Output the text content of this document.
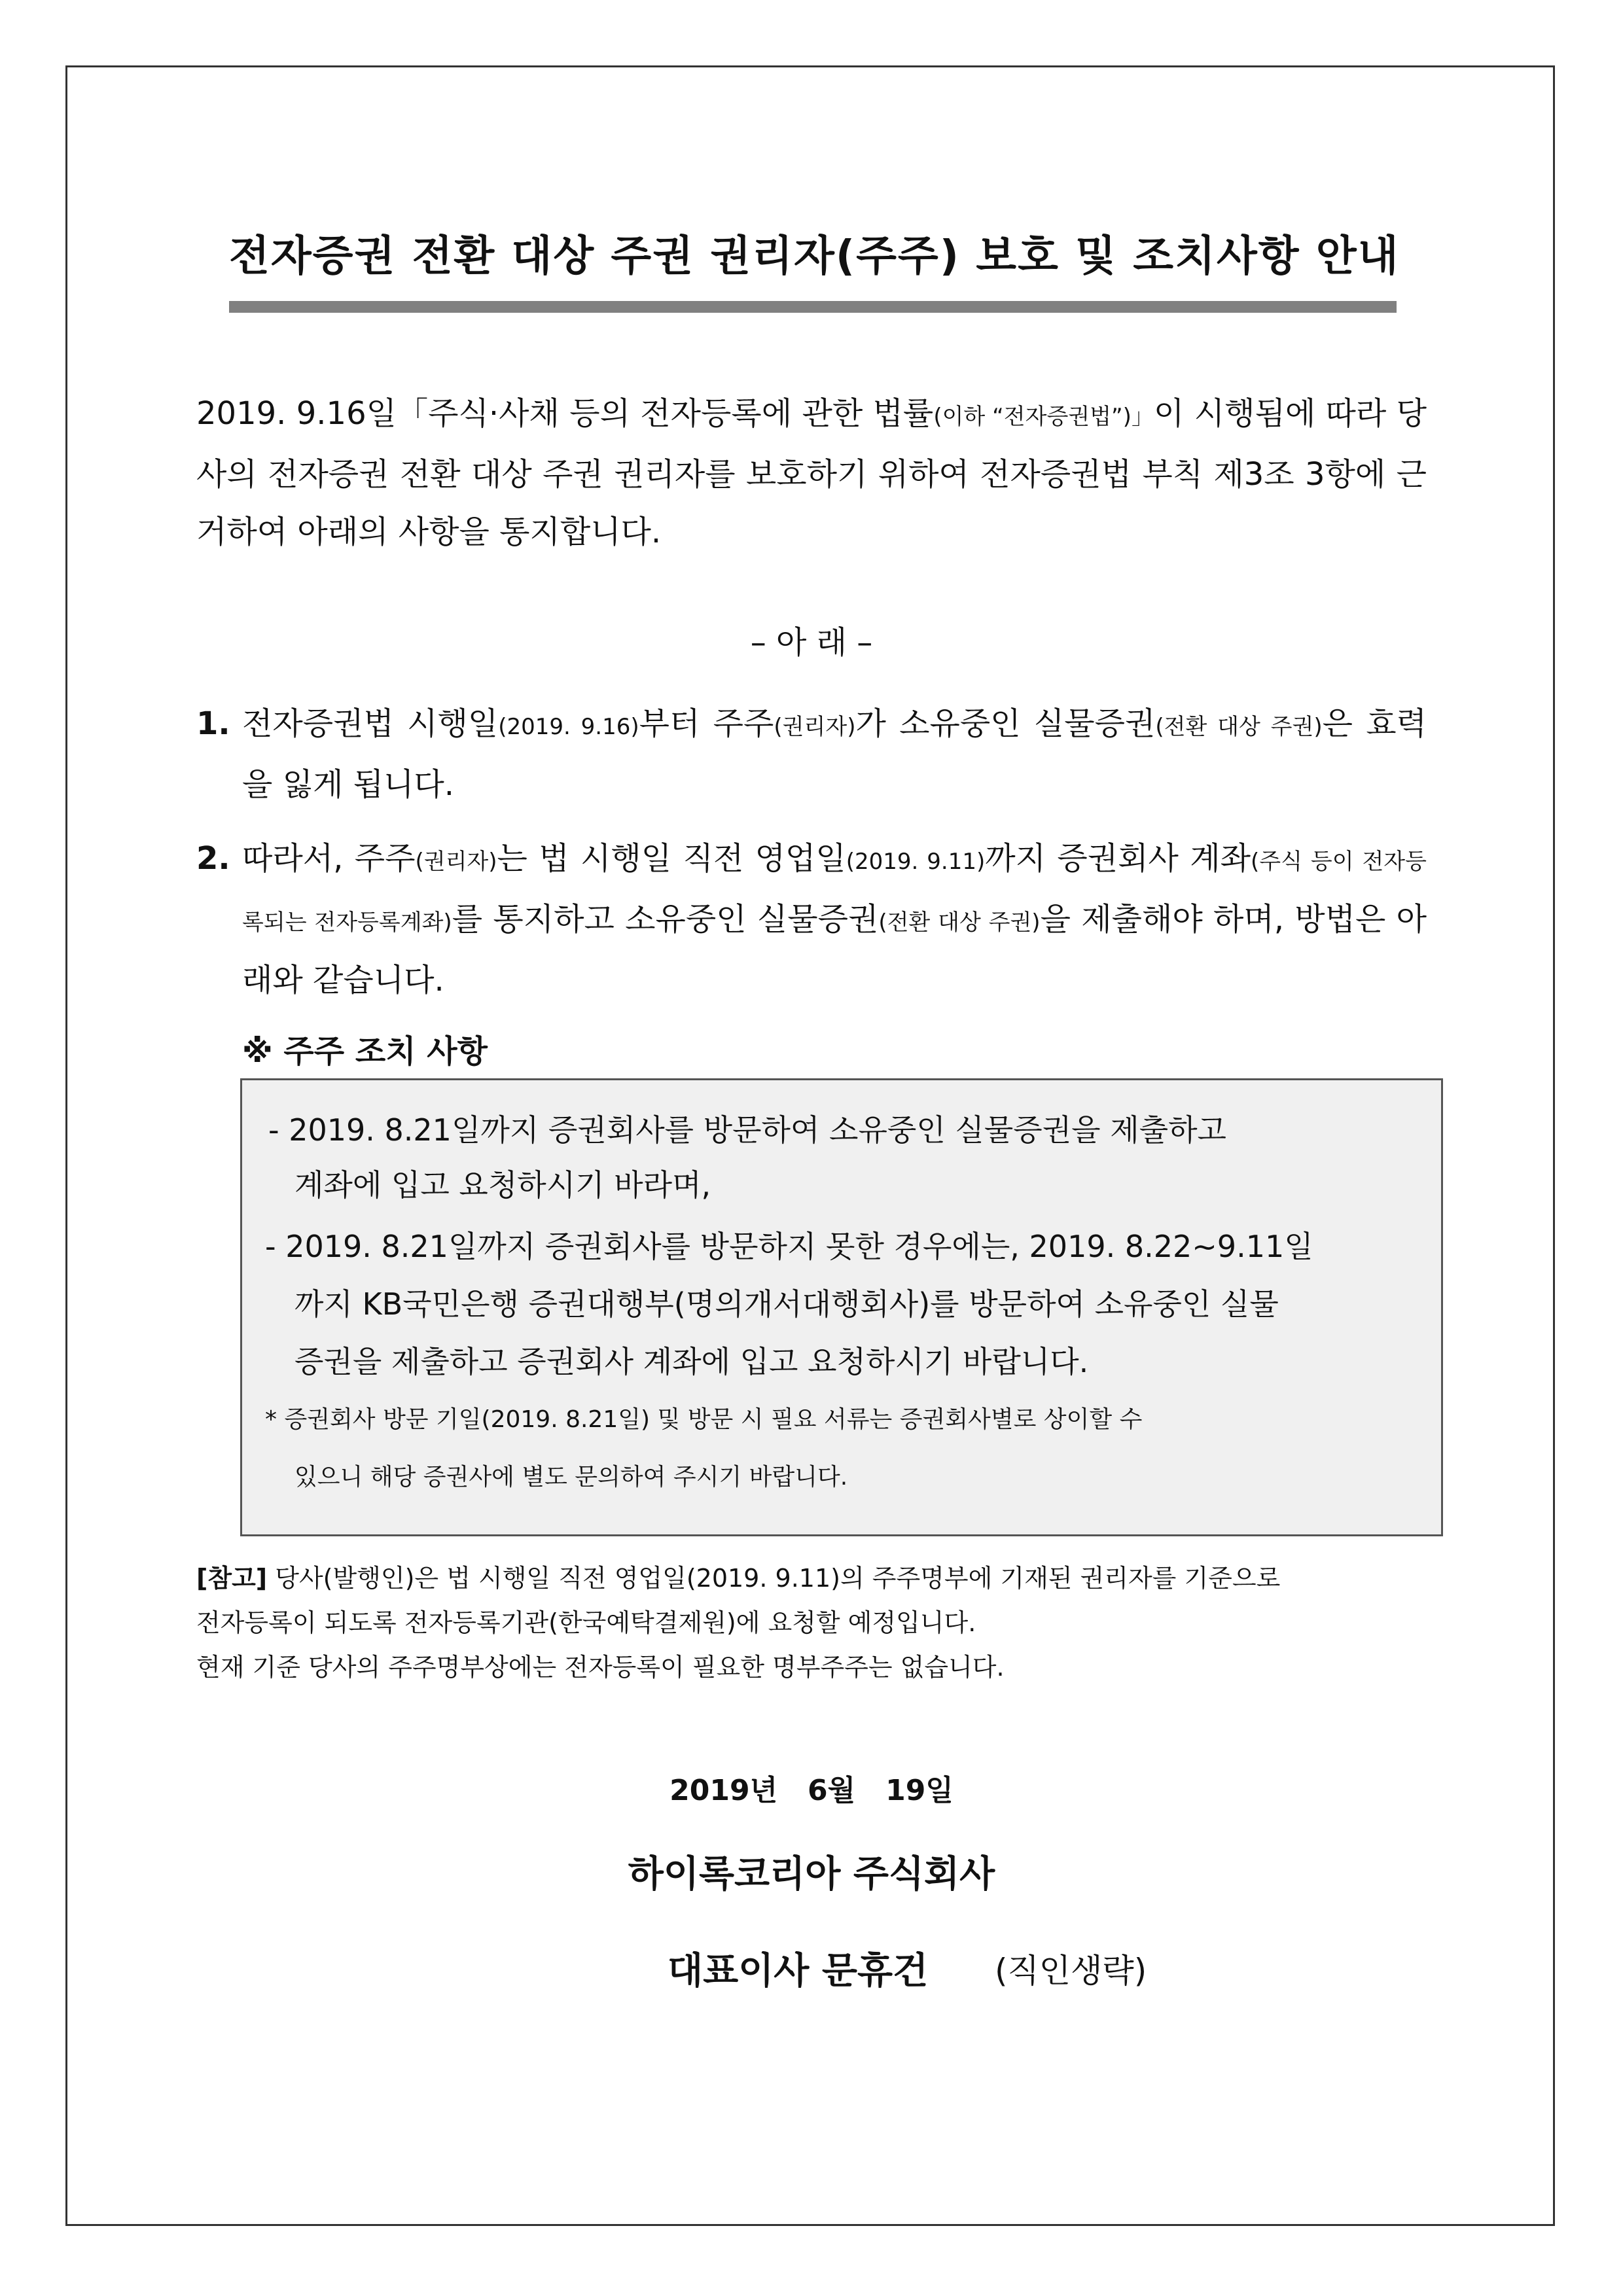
전자증권 전환 대상 주권 권리자(주주) 보호 및 조치사항 안내
2019. 9.16일「주식·사채 등의 전자등록에 관한 법률(이하 “전자증권법”)」이 시행됨에 따라 당사의 전자증권 전환 대상 주권 권리자를 보호하기 위하여 전자증권법 부칙 제3조 3항에 근거하여 아래의 사항을 통지합니다.
– 아 래 –
1. 전자증권법 시행일(2019. 9.16)부터 주주(권리자)가 소유중인 실물증권(전환 대상 주권)은 효력을 잃게 됩니다.
2. 따라서, 주주(권리자)는 법 시행일 직전 영업일(2019. 9.11)까지 증권회사 계좌(주식 등이 전자등록되는 전자등록계좌)를 통지하고 소유중인 실물증권(전환 대상 주권)을 제출해야 하며, 방법은 아래와 같습니다.
※ 주주 조치 사항
- 2019. 8.21일까지 증권회사를 방문하여 소유중인 실물증권을 제출하고
계좌에 입고 요청하시기 바라며,
- 2019. 8.21일까지 증권회사를 방문하지 못한 경우에는, 2019. 8.22~9.11일
까지 KB국민은행 증권대행부(명의개서대행회사)를 방문하여 소유중인 실물
증권을 제출하고 증권회사 계좌에 입고 요청하시기 바랍니다.
* 증권회사 방문 기일(2019. 8.21일) 및 방문 시 필요 서류는 증권회사별로 상이할 수
있으니 해당 증권사에 별도 문의하여 주시기 바랍니다.
[참고] 당사(발행인)은 법 시행일 직전 영업일(2019. 9.11)의 주주명부에 기재된 권리자를 기준으로
전자등록이 되도록 전자등록기관(한국예탁결제원)에 요청할 예정입니다.
현재 기준 당사의 주주명부상에는 전자등록이 필요한 명부주주는 없습니다.
2019년   6월   19일
하이록코리아 주식회사
대표이사 문휴건 (직인생략)
